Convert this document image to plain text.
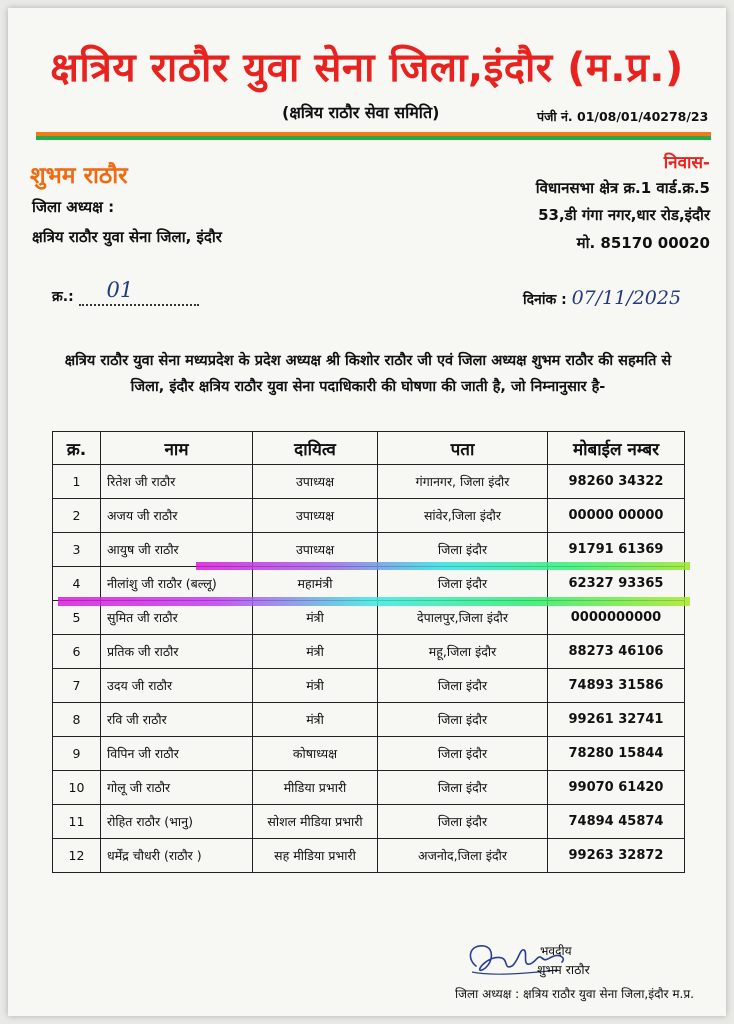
क्षत्रिय राठौर युवा सेना जिला,इंदौर (म.प्र.)
(क्षत्रिय राठौर सेवा समिति)	पंजी नं. 01/08/01/40278/23
शुभम राठौर
जिला अध्यक्ष :
क्षत्रिय राठौर युवा सेना जिला, इंदौर
निवास-
विधानसभा क्षेत्र क्र.1 वार्ड.क्र.5
53,डी गंगा नगर,धार रोड,इंदौर
मो. 85170 00020
क्र.: 01	दिनांक : 07/11/2025
क्षत्रिय राठौर युवा सेना मध्यप्रदेश के प्रदेश अध्यक्ष श्री किशोर राठौर जी एवं जिला अध्यक्ष शुभम राठौर की सहमति से जिला, इंदौर क्षत्रिय राठौर युवा सेना पदाधिकारी की घोषणा की जाती है, जो निम्नानुसार है-
क्र.	नाम	दायित्व	पता	मोबाईल नम्बर
1	रितेश जी राठौर	उपाध्यक्ष	गंगानगर, जिला इंदौर	98260 34322
2	अजय जी राठौर	उपाध्यक्ष	सांवेर,जिला इंदौर	00000 00000
3	आयुष जी राठौर	उपाध्यक्ष	जिला इंदौर	91791 61369
4	नीलांशु जी राठौर (बल्लू)	महामंत्री	जिला इंदौर	62327 93365
5	सुमित जी राठौर	मंत्री	देपालपुर,जिला इंदौर	0000000000
6	प्रतिक जी राठौर	मंत्री	महू,जिला इंदौर	88273 46106
7	उदय जी राठौर	मंत्री	जिला इंदौर	74893 31586
8	रवि जी राठौर	मंत्री	जिला इंदौर	99261 32741
9	विपिन जी राठौर	कोषाध्यक्ष	जिला इंदौर	78280 15844
10	गोलू जी राठौर	मीडिया प्रभारी	जिला इंदौर	99070 61420
11	रोहित राठौर (भानु)	सोशल मीडिया प्रभारी	जिला इंदौर	74894 45874
12	धर्मेंद्र चौधरी (राठौर )	सह मीडिया प्रभारी	अजनोद,जिला इंदौर	99263 32872
भवदीय
शुभम राठौर
जिला अध्यक्ष : क्षत्रिय राठौर युवा सेना जिला,इंदौर म.प्र.
